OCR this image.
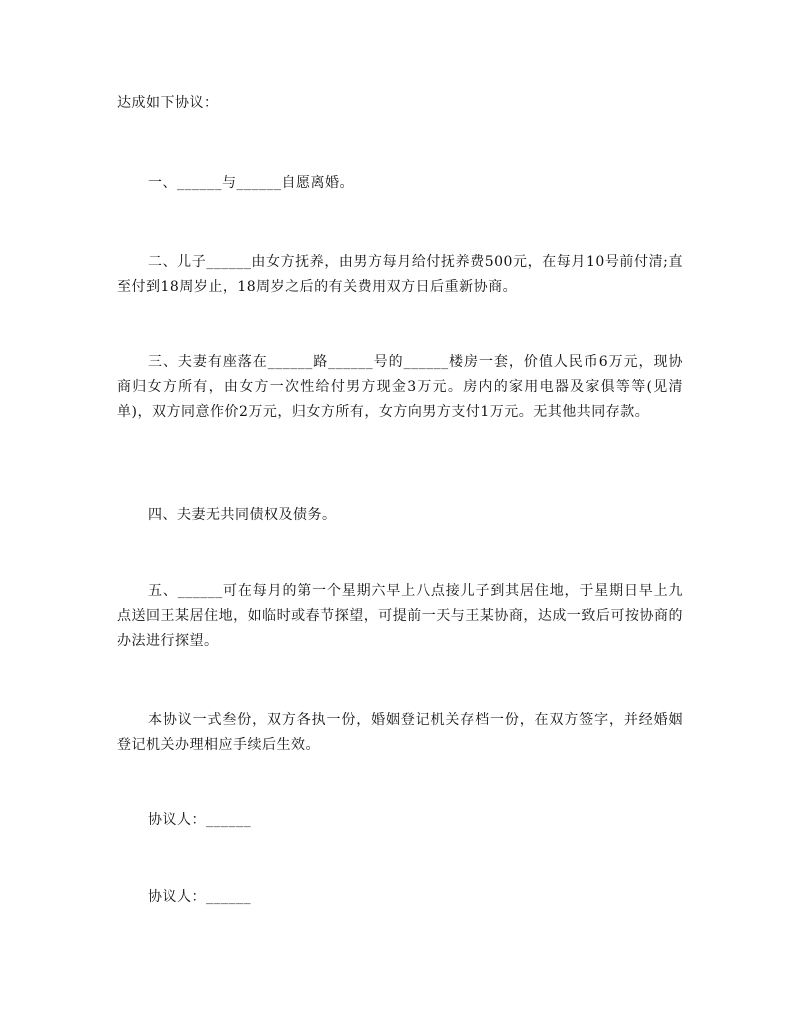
达成如下协议：
一、______与______自愿离婚。
二、儿子______由女方抚养，由男方每月给付抚养费500元，在每月10号前付清;直至付到18周岁止，18周岁之后的有关费用双方日后重新协商。
三、夫妻有座落在______路______号的______楼房一套，价值人民币6万元，现协商归女方所有，由女方一次性给付男方现金3万元。房内的家用电器及家俱等等(见清单)，双方同意作价2万元，归女方所有，女方向男方支付1万元。无其他共同存款。
四、夫妻无共同债权及债务。
五、______可在每月的第一个星期六早上八点接儿子到其居住地，于星期日早上九点送回王某居住地，如临时或春节探望，可提前一天与王某协商，达成一致后可按协商的办法进行探望。
本协议一式叁份，双方各执一份，婚姻登记机关存档一份，在双方签字，并经婚姻登记机关办理相应手续后生效。
协议人：______
协议人：______
